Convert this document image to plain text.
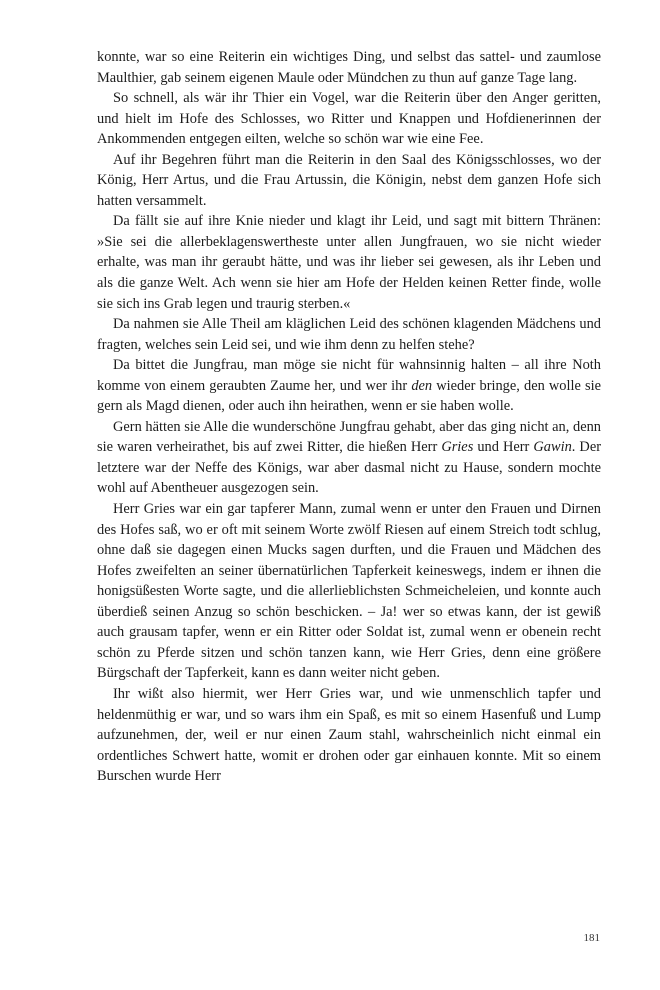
konnte, war so eine Reiterin ein wichtiges Ding, und selbst das sattel- und zaumlose Maulthier, gab seinem eigenen Maule oder Mündchen zu thun auf ganze Tage lang.

So schnell, als wär ihr Thier ein Vogel, war die Reiterin über den Anger geritten, und hielt im Hofe des Schlosses, wo Ritter und Knappen und Hofdienerinnen der Ankommenden entgegen eilten, welche so schön war wie eine Fee.

Auf ihr Begehren führt man die Reiterin in den Saal des Königsschlosses, wo der König, Herr Artus, und die Frau Artussin, die Königin, nebst dem ganzen Hofe sich hatten versammelt.

Da fällt sie auf ihre Knie nieder und klagt ihr Leid, und sagt mit bittern Thränen: »Sie sei die allerbeklagenswertheste unter allen Jungfrauen, wo sie nicht wieder erhalte, was man ihr geraubt hätte, und was ihr lieber sei gewesen, als ihr Leben und als die ganze Welt. Ach wenn sie hier am Hofe der Helden keinen Retter finde, wolle sie sich ins Grab legen und traurig sterben.«

Da nahmen sie Alle Theil am kläglichen Leid des schönen klagenden Mädchens und fragten, welches sein Leid sei, und wie ihm denn zu helfen stehe?

Da bittet die Jungfrau, man möge sie nicht für wahnsinnig halten – all ihre Noth komme von einem geraubten Zaume her, und wer ihr den wieder bringe, den wolle sie gern als Magd dienen, oder auch ihn heirathen, wenn er sie haben wolle.

Gern hätten sie Alle die wunderschöne Jungfrau gehabt, aber das ging nicht an, denn sie waren verheirathet, bis auf zwei Ritter, die hießen Herr Gries und Herr Gawin. Der letztere war der Neffe des Königs, war aber dasmal nicht zu Hause, sondern mochte wohl auf Abentheuer ausgezogen sein.

Herr Gries war ein gar tapferer Mann, zumal wenn er unter den Frauen und Dirnen des Hofes saß, wo er oft mit seinem Worte zwölf Riesen auf einem Streich todt schlug, ohne daß sie dagegen einen Mucks sagen durften, und die Frauen und Mädchen des Hofes zweifelten an seiner übernatürlichen Tapferkeit keineswegs, indem er ihnen die honigsüßesten Worte sagte, und die allerlieblichsten Schmeicheleien, und konnte auch überdieß seinen Anzug so schön beschicken. – Ja! wer so etwas kann, der ist gewiß auch grausam tapfer, wenn er ein Ritter oder Soldat ist, zumal wenn er obenein recht schön zu Pferde sitzen und schön tanzen kann, wie Herr Gries, denn eine größere Bürgschaft der Tapferkeit, kann es dann weiter nicht geben.

Ihr wißt also hiermit, wer Herr Gries war, und wie unmenschlich tapfer und heldenmüthig er war, und so wars ihm ein Spaß, es mit so einem Hasenfuß und Lump aufzunehmen, der, weil er nur einen Zaum stahl, wahrscheinlich nicht einmal ein ordentliches Schwert hatte, womit er drohen oder gar einhauen konnte. Mit so einem Burschen wurde Herr

181
